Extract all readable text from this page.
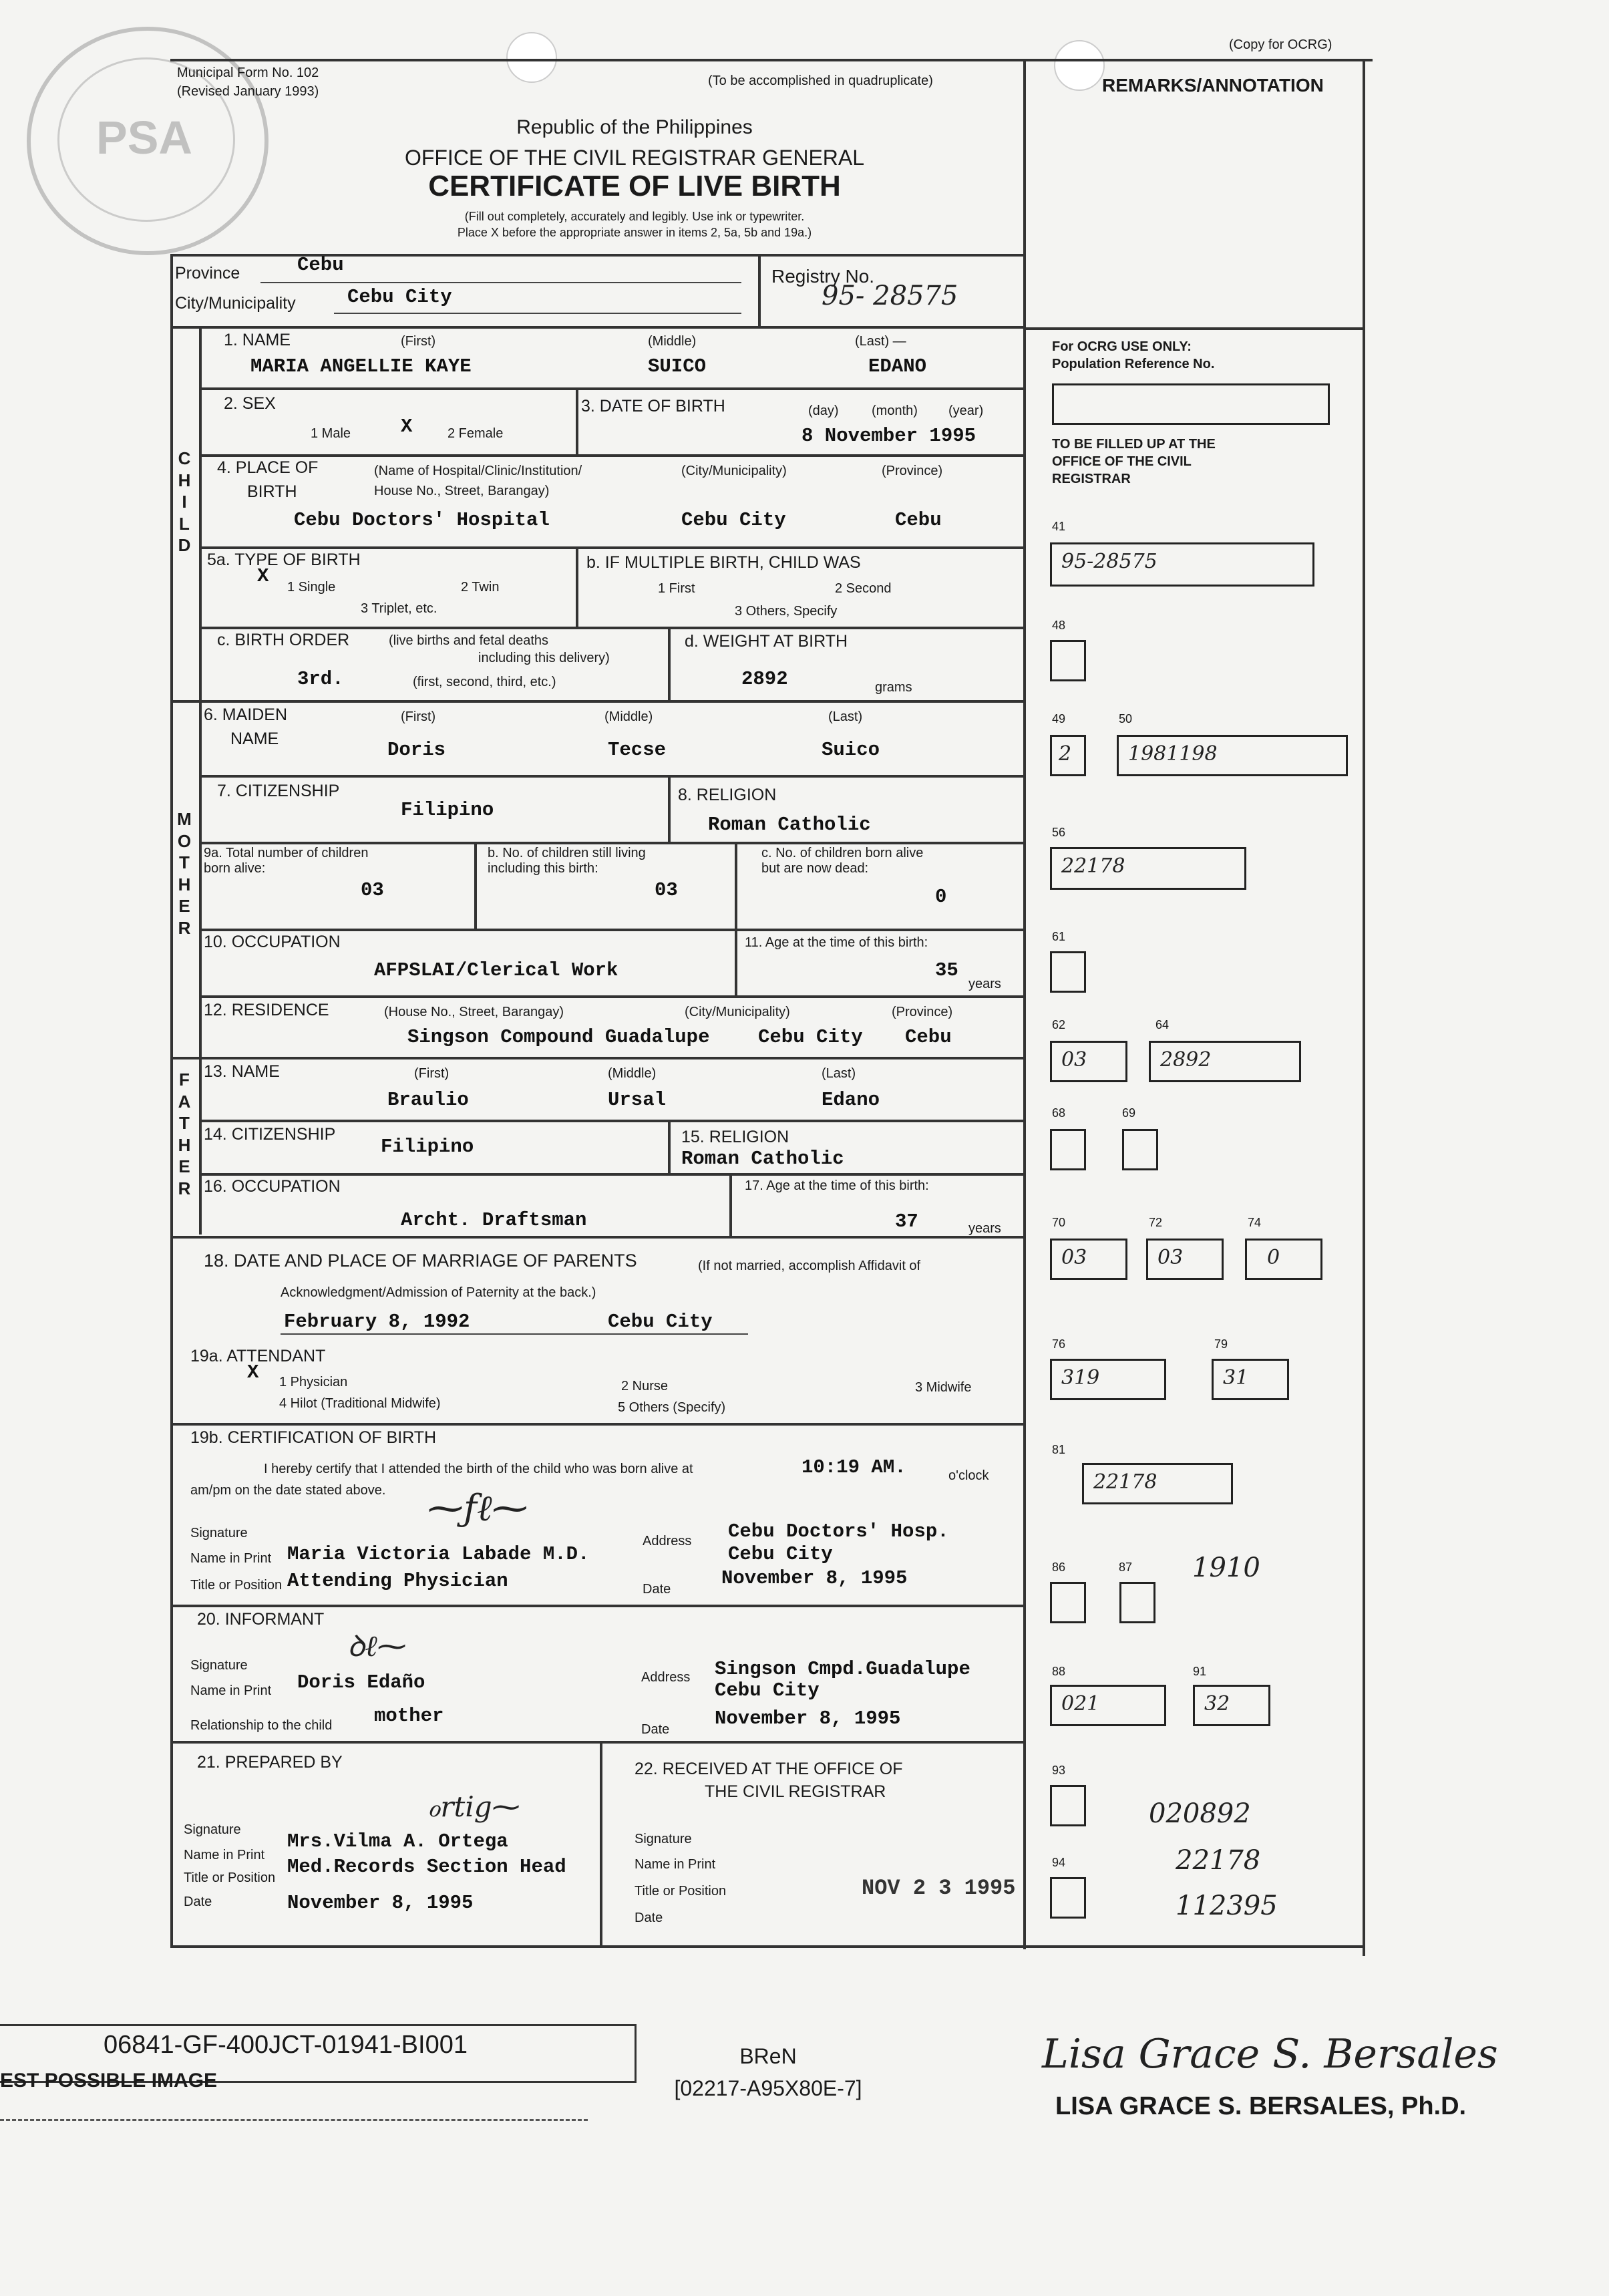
PSA
(Copy for OCRG)
Municipal Form No. 102
(Revised January 1993)
(To be accomplished in quadruplicate)
Republic of the Philippines
OFFICE OF THE CIVIL REGISTRAR GENERAL
CERTIFICATE OF LIVE BIRTH
(Fill out completely, accurately and legibly. Use ink or typewriter.
Place X before the appropriate answer in items 2, 5a, 5b and 19a.)
Province	Cebu
City/Municipality	Cebu City
Registry No.
95- 28575
C
H
I
L
D
1. NAME	(First)	(Middle)	(Last) —
MARIA ANGELLIE KAYE	SUICO	EDANO
2. SEX
1 Male	X	2 Female
3. DATE OF BIRTH	(day) (month) (year)
8 November 1995
4. PLACE OF
BIRTH
(Name of Hospital/Clinic/Institution/
House No., Street, Barangay)
(City/Municipality)	(Province)
Cebu Doctors' Hospital	Cebu City	Cebu
5a. TYPE OF BIRTH
X 1 Single	2 Twin
3 Triplet, etc.
b. IF MULTIPLE BIRTH, CHILD WAS
1 First	2 Second
3 Others, Specify
c. BIRTH ORDER	(live births and fetal deaths
including this delivery)
3rd.	(first, second, third, etc.)
d. WEIGHT AT BIRTH
2892	grams
M
O
T
H
E
R
6. MAIDEN
NAME
(First)	(Middle)	(Last)
Doris	Tecse	Suico
7. CITIZENSHIP
Filipino
8. RELIGION
Roman Catholic
9a. Total number of children born alive:
03
b. No. of children still living including this birth:
03
c. No. of children born alive but are now dead:
0
10. OCCUPATION
AFPSLAI/Clerical Work
11. Age at the time of this birth:
35
years
12. RESIDENCE	(House No., Street, Barangay)	(City/Municipality)	(Province)
Singson Compound Guadalupe	Cebu City Cebu
F
A
T
H
E
R
13. NAME	(First)	(Middle)	(Last)
Braulio	Ursal	Edano
14. CITIZENSHIP
Filipino	15. RELIGION
Roman Catholic
16. OCCUPATION
Archt. Draftsman
17. Age at the time of this birth:
37	years
18. DATE AND PLACE OF MARRIAGE OF PARENTS	(If not married, accomplish Affidavit of
Acknowledgment/Admission of Paternity at the back.)
February 8, 1992	Cebu City
19a. ATTENDANT
X 1 Physician
4 Hilot (Traditional Midwife)
2 Nurse
5 Others (Specify)
3 Midwife
19b. CERTIFICATION OF BIRTH
I hereby certify that I attended the birth of the child who was born alive at	10:19 AM.	o'clock
am/pm on the date stated above. ⁓ƒℓ⁓
Signature
Name in Print Maria Victoria Labade M.D.
Title or Position Attending Physician
Address Cebu Doctors' Hosp.
Cebu City
Date	November 8, 1995
20. INFORMANT
ꝺℓ⁓
Signature
Name in Print Doris Edaño
Relationship to the child mother
Address Singson Cmpd.Guadalupe
Cebu City
Date November 8, 1995
21. PREPARED BY
ℴrtig⁓
Signature
Name in Print
Mrs.Vilma A. Ortega
Title or Position Med.Records Section Head
Date	November 8, 1995
22. RECEIVED AT THE OFFICE OF
THE CIVIL REGISTRAR
Signature
Name in Print
Title or Position
Date
NOV 2 3 1995
REMARKS/ANNOTATION
For OCRG USE ONLY:
Population Reference No.
TO BE FILLED UP AT THE
OFFICE OF THE CIVIL
REGISTRAR
41
95-28575
48
49	50
2	1981198
56
22178
61
62	64
03	2892
68	69
70	72	74
03	03	0
76	79
319	31
81
22178
86	87 1910
88	91
021	32
93
94
020892
22178
112395
06841-GF-400JCT-01941-BI001
EST POSSIBLE IMAGE
BReN
[02217-A95X80E-7]
Lisa Grace S. Bersales
LISA GRACE S. BERSALES, Ph.D.
